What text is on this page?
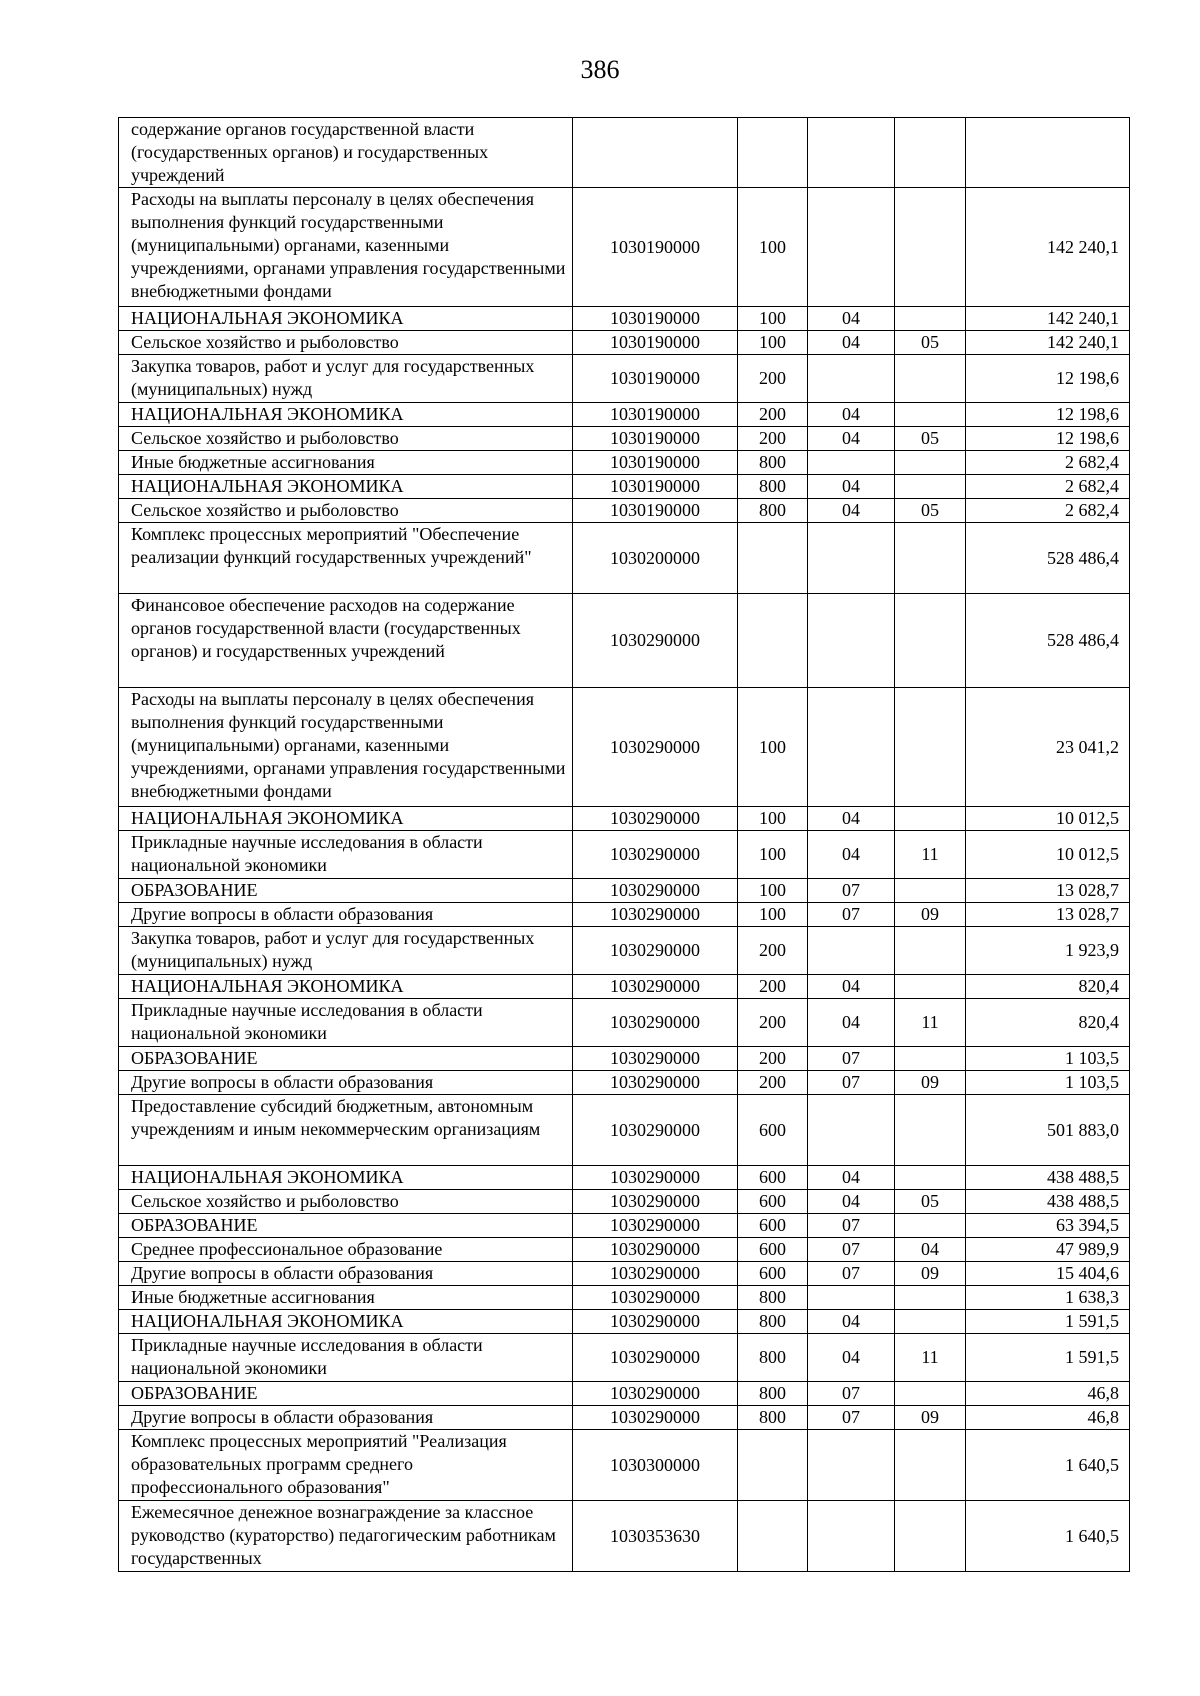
386
содержание органов государственной власти (государственных органов) и государственных учреждений					
Расходы на выплаты персоналу в целях обеспечения выполнения функций государственными (муниципальными) органами, казенными учреждениями, органами управления государственными внебюджетными фондами	1030190000	100			142 240,1
НАЦИОНАЛЬНАЯ ЭКОНОМИКА	1030190000	100	04		142 240,1
Сельское хозяйство и рыболовство	1030190000	100	04	05	142 240,1
Закупка товаров, работ и услуг для государственных (муниципальных) нужд	1030190000	200			12 198,6
НАЦИОНАЛЬНАЯ ЭКОНОМИКА	1030190000	200	04		12 198,6
Сельское хозяйство и рыболовство	1030190000	200	04	05	12 198,6
Иные бюджетные ассигнования	1030190000	800			2 682,4
НАЦИОНАЛЬНАЯ ЭКОНОМИКА	1030190000	800	04		2 682,4
Сельское хозяйство и рыболовство	1030190000	800	04	05	2 682,4
Комплекс процессных мероприятий "Обеспечение реализации функций государственных учреждений"	1030200000				528 486,4
Финансовое обеспечение расходов на содержание органов государственной власти (государственных органов) и государственных учреждений	1030290000				528 486,4
Расходы на выплаты персоналу в целях обеспечения выполнения функций государственными (муниципальными) органами, казенными учреждениями, органами управления государственными внебюджетными фондами	1030290000	100			23 041,2
НАЦИОНАЛЬНАЯ ЭКОНОМИКА	1030290000	100	04		10 012,5
Прикладные научные исследования в области национальной экономики	1030290000	100	04	11	10 012,5
ОБРАЗОВАНИЕ	1030290000	100	07		13 028,7
Другие вопросы в области образования	1030290000	100	07	09	13 028,7
Закупка товаров, работ и услуг для государственных (муниципальных) нужд	1030290000	200			1 923,9
НАЦИОНАЛЬНАЯ ЭКОНОМИКА	1030290000	200	04		820,4
Прикладные научные исследования в области национальной экономики	1030290000	200	04	11	820,4
ОБРАЗОВАНИЕ	1030290000	200	07		1 103,5
Другие вопросы в области образования	1030290000	200	07	09	1 103,5
Предоставление субсидий бюджетным, автономным учреждениям и иным некоммерческим организациям	1030290000	600			501 883,0
НАЦИОНАЛЬНАЯ ЭКОНОМИКА	1030290000	600	04		438 488,5
Сельское хозяйство и рыболовство	1030290000	600	04	05	438 488,5
ОБРАЗОВАНИЕ	1030290000	600	07		63 394,5
Среднее профессиональное образование	1030290000	600	07	04	47 989,9
Другие вопросы в области образования	1030290000	600	07	09	15 404,6
Иные бюджетные ассигнования	1030290000	800			1 638,3
НАЦИОНАЛЬНАЯ ЭКОНОМИКА	1030290000	800	04		1 591,5
Прикладные научные исследования в области национальной экономики	1030290000	800	04	11	1 591,5
ОБРАЗОВАНИЕ	1030290000	800	07		46,8
Другие вопросы в области образования	1030290000	800	07	09	46,8
Комплекс процессных мероприятий "Реализация образовательных программ среднего профессионального образования"	1030300000				1 640,5
Ежемесячное денежное вознаграждение за классное руководство (кураторство) педагогическим работникам государственных	1030353630				1 640,5
